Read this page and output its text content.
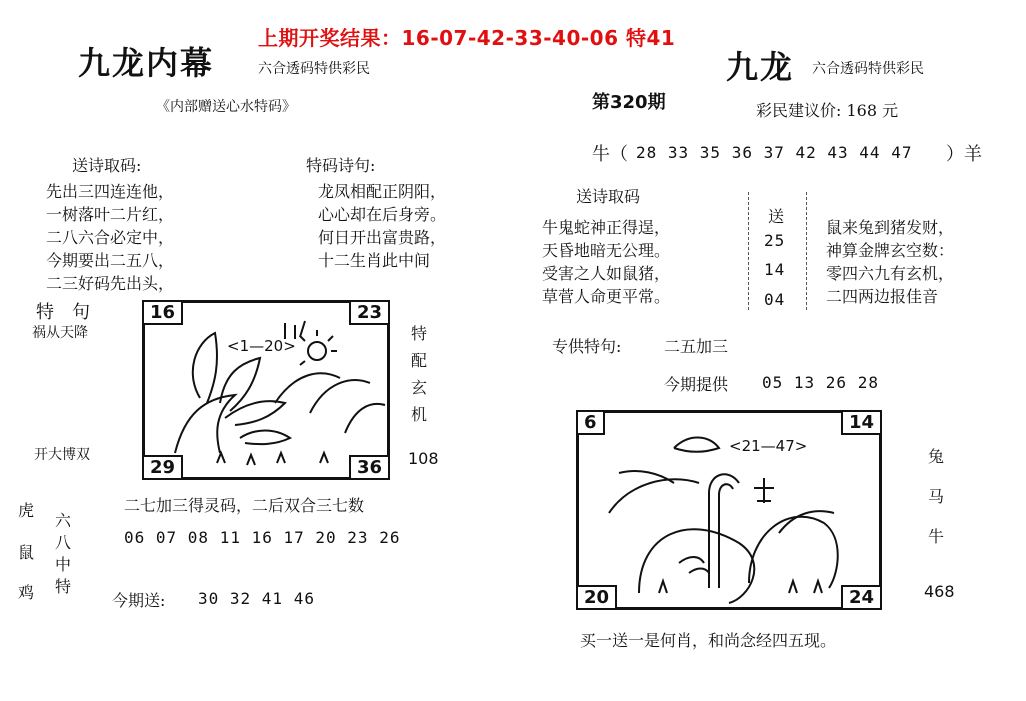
上期开奖结果：16-07-42-33-40-06 特41
九龙内幕	六合透码特供彩民	九龙 六合透码特供彩民
《内部赠送心水特码》
送诗取码:
先出三四连连他，
一树落叶二片红，
二八六合必定中，
今期要出二五八，
二三好码先出头，
特码诗句:
龙凤相配正阴阳，
心心却在后身旁。
何日开出富贵路，
十二生肖此中间
特　句
祸从天降
开大博双
16	23
29	36
<1—20>
特配玄机
108
二七加三得灵码，二后双合三七数
06 07 08 11 16 17 20 23 26
虎
鼠
鸡
六八中特
今期送: 30 32 41 46
第320期	彩民建议价: 168 元
牛（ 28 33 35 36 37 42 43 44 47 ）羊
送诗取码
牛鬼蛇神正得逞，
天昏地暗无公理。
受害之人如鼠猪，
草菅人命更平常。
送
25
14
04
鼠来兔到猪发财，
神算金牌玄空数：
零四六九有玄机，
二四两边报佳音
专供特句:	二五加三
今期提供 05 13 26 28
6	14
20	24
<21—47>
兔
马
牛
468
买一送一是何肖，和尚念经四五现。
